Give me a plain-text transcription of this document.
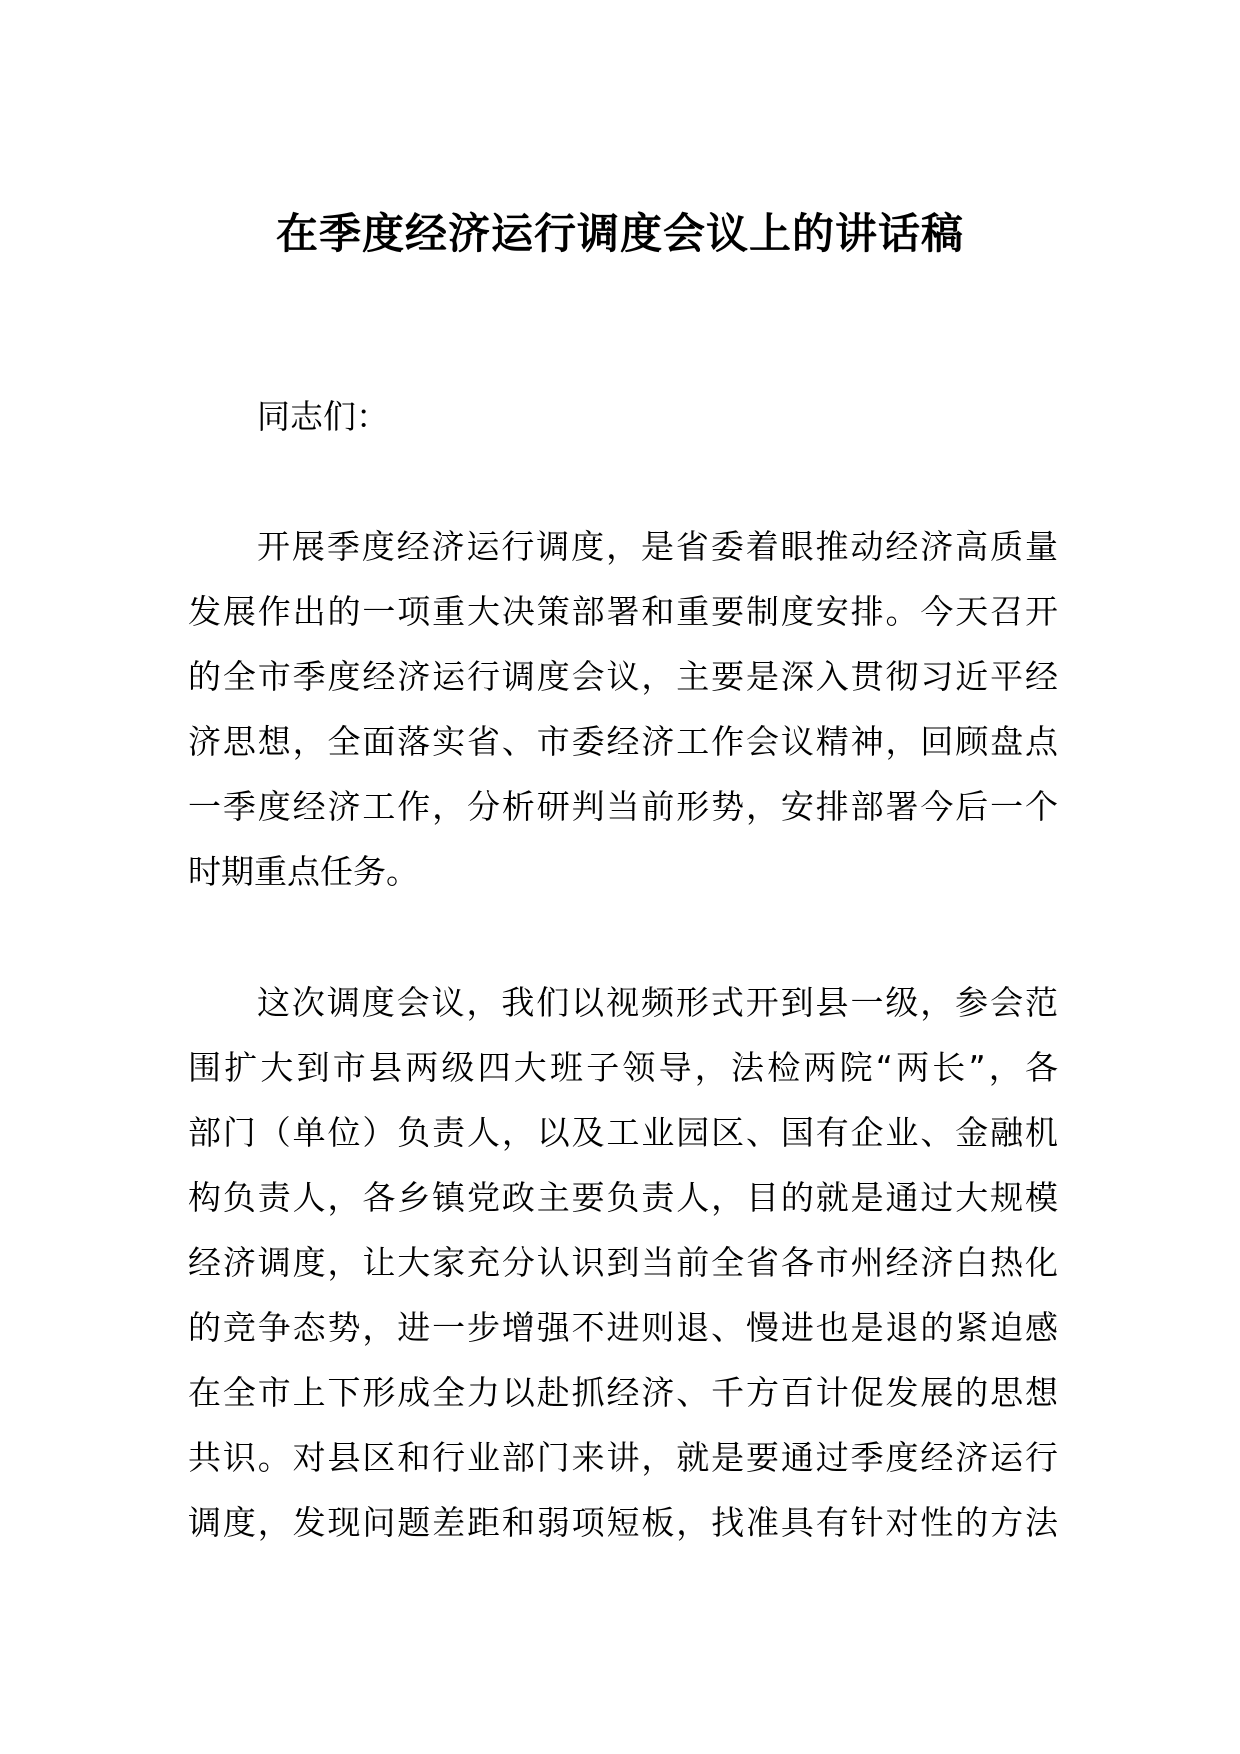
在季度经济运行调度会议上的讲话稿
同志们：
开展季度经济运行调度，是省委着眼推动经济高质量
发展作出的一项重大决策部署和重要制度安排。今天召开
的全市季度经济运行调度会议，主要是深入贯彻习近平经
济思想，全面落实省、市委经济工作会议精神，回顾盘点
一季度经济工作，分析研判当前形势，安排部署今后一个
时期重点任务。
这次调度会议，我们以视频形式开到县一级，参会范
围扩大到市县两级四大班子领导，法检两院“两长”，各
部门（单位）负责人，以及工业园区、国有企业、金融机
构负责人，各乡镇党政主要负责人，目的就是通过大规模
经济调度，让大家充分认识到当前全省各市州经济白热化
的竞争态势，进一步增强不进则退、慢进也是退的紧迫感
在全市上下形成全力以赴抓经济、千方百计促发展的思想
共识。对县区和行业部门来讲，就是要通过季度经济运行
调度，发现问题差距和弱项短板，找准具有针对性的方法
